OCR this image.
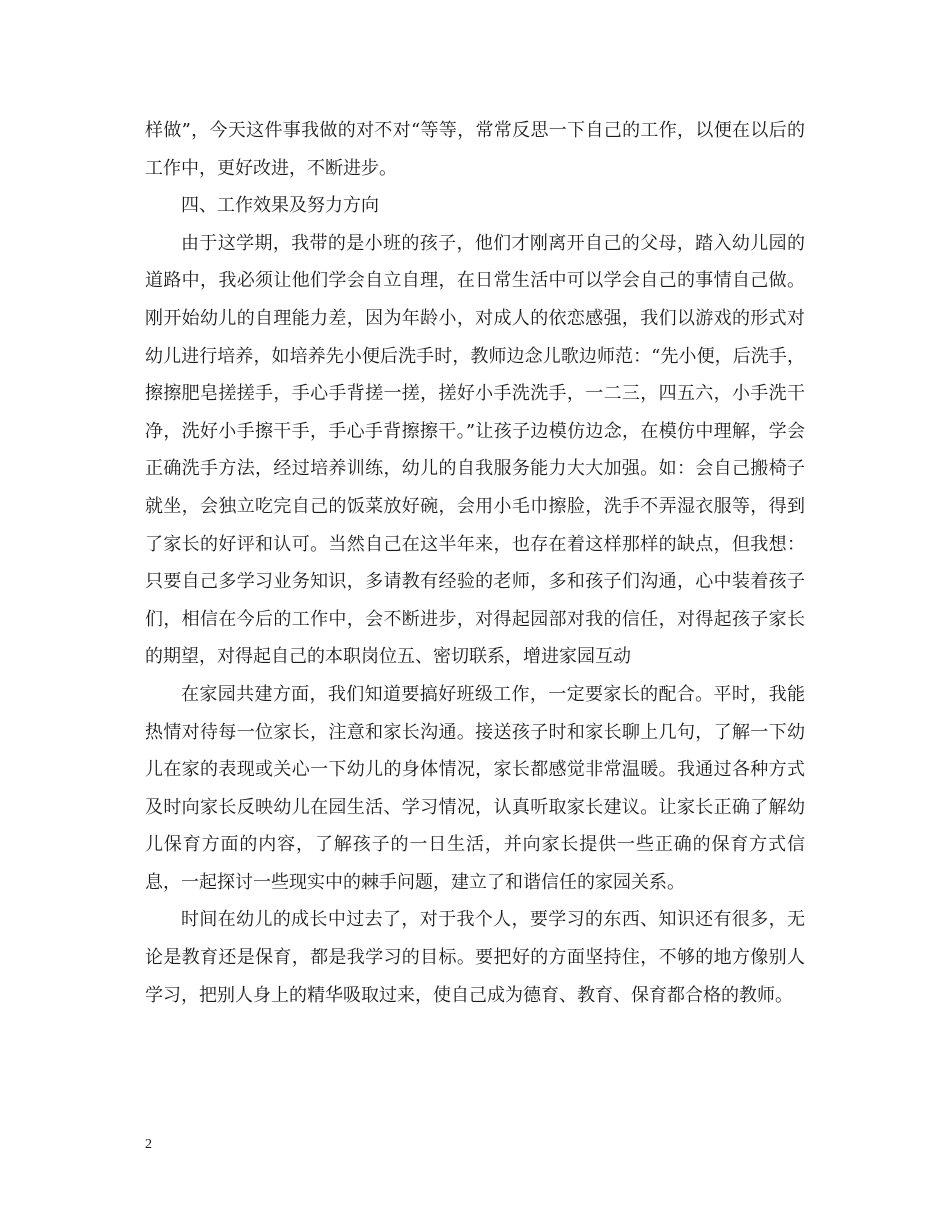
样做”，今天这件事我做的对不对“等等，常常反思一下自己的工作，以便在以后的工作中，更好改进，不断进步。

四、工作效果及努力方向

由于这学期，我带的是小班的孩子，他们才刚离开自己的父母，踏入幼儿园的道路中，我必须让他们学会自立自理，在日常生活中可以学会自己的事情自己做。刚开始幼儿的自理能力差，因为年龄小，对成人的依恋感强，我们以游戏的形式对幼儿进行培养，如培养先小便后洗手时，教师边念儿歌边师范：“先小便，后洗手，擦擦肥皂搓搓手，手心手背搓一搓，搓好小手洗洗手，一二三，四五六，小手洗干净，洗好小手擦干手，手心手背擦擦干。”让孩子边模仿边念，在模仿中理解，学会正确洗手方法，经过培养训练，幼儿的自我服务能力大大加强。如：会自己搬椅子就坐，会独立吃完自己的饭菜放好碗，会用小毛巾擦脸，洗手不弄湿衣服等，得到了家长的好评和认可。当然自己在这半年来，也存在着这样那样的缺点，但我想：只要自己多学习业务知识，多请教有经验的老师，多和孩子们沟通，心中装着孩子们，相信在今后的工作中，会不断进步，对得起园部对我的信任，对得起孩子家长的期望，对得起自己的本职岗位五、密切联系，增进家园互动

在家园共建方面，我们知道要搞好班级工作，一定要家长的配合。平时，我能热情对待每一位家长，注意和家长沟通。接送孩子时和家长聊上几句，了解一下幼儿在家的表现或关心一下幼儿的身体情况，家长都感觉非常温暖。我通过各种方式及时向家长反映幼儿在园生活、学习情况，认真听取家长建议。让家长正确了解幼儿保育方面的内容，了解孩子的一日生活，并向家长提供一些正确的保育方式信息，一起探讨一些现实中的棘手问题，建立了和谐信任的家园关系。

时间在幼儿的成长中过去了，对于我个人，要学习的东西、知识还有很多，无论是教育还是保育，都是我学习的目标。要把好的方面坚持住，不够的地方像别人学习，把别人身上的精华吸取过来，使自己成为德育、教育、保育都合格的教师。

2
